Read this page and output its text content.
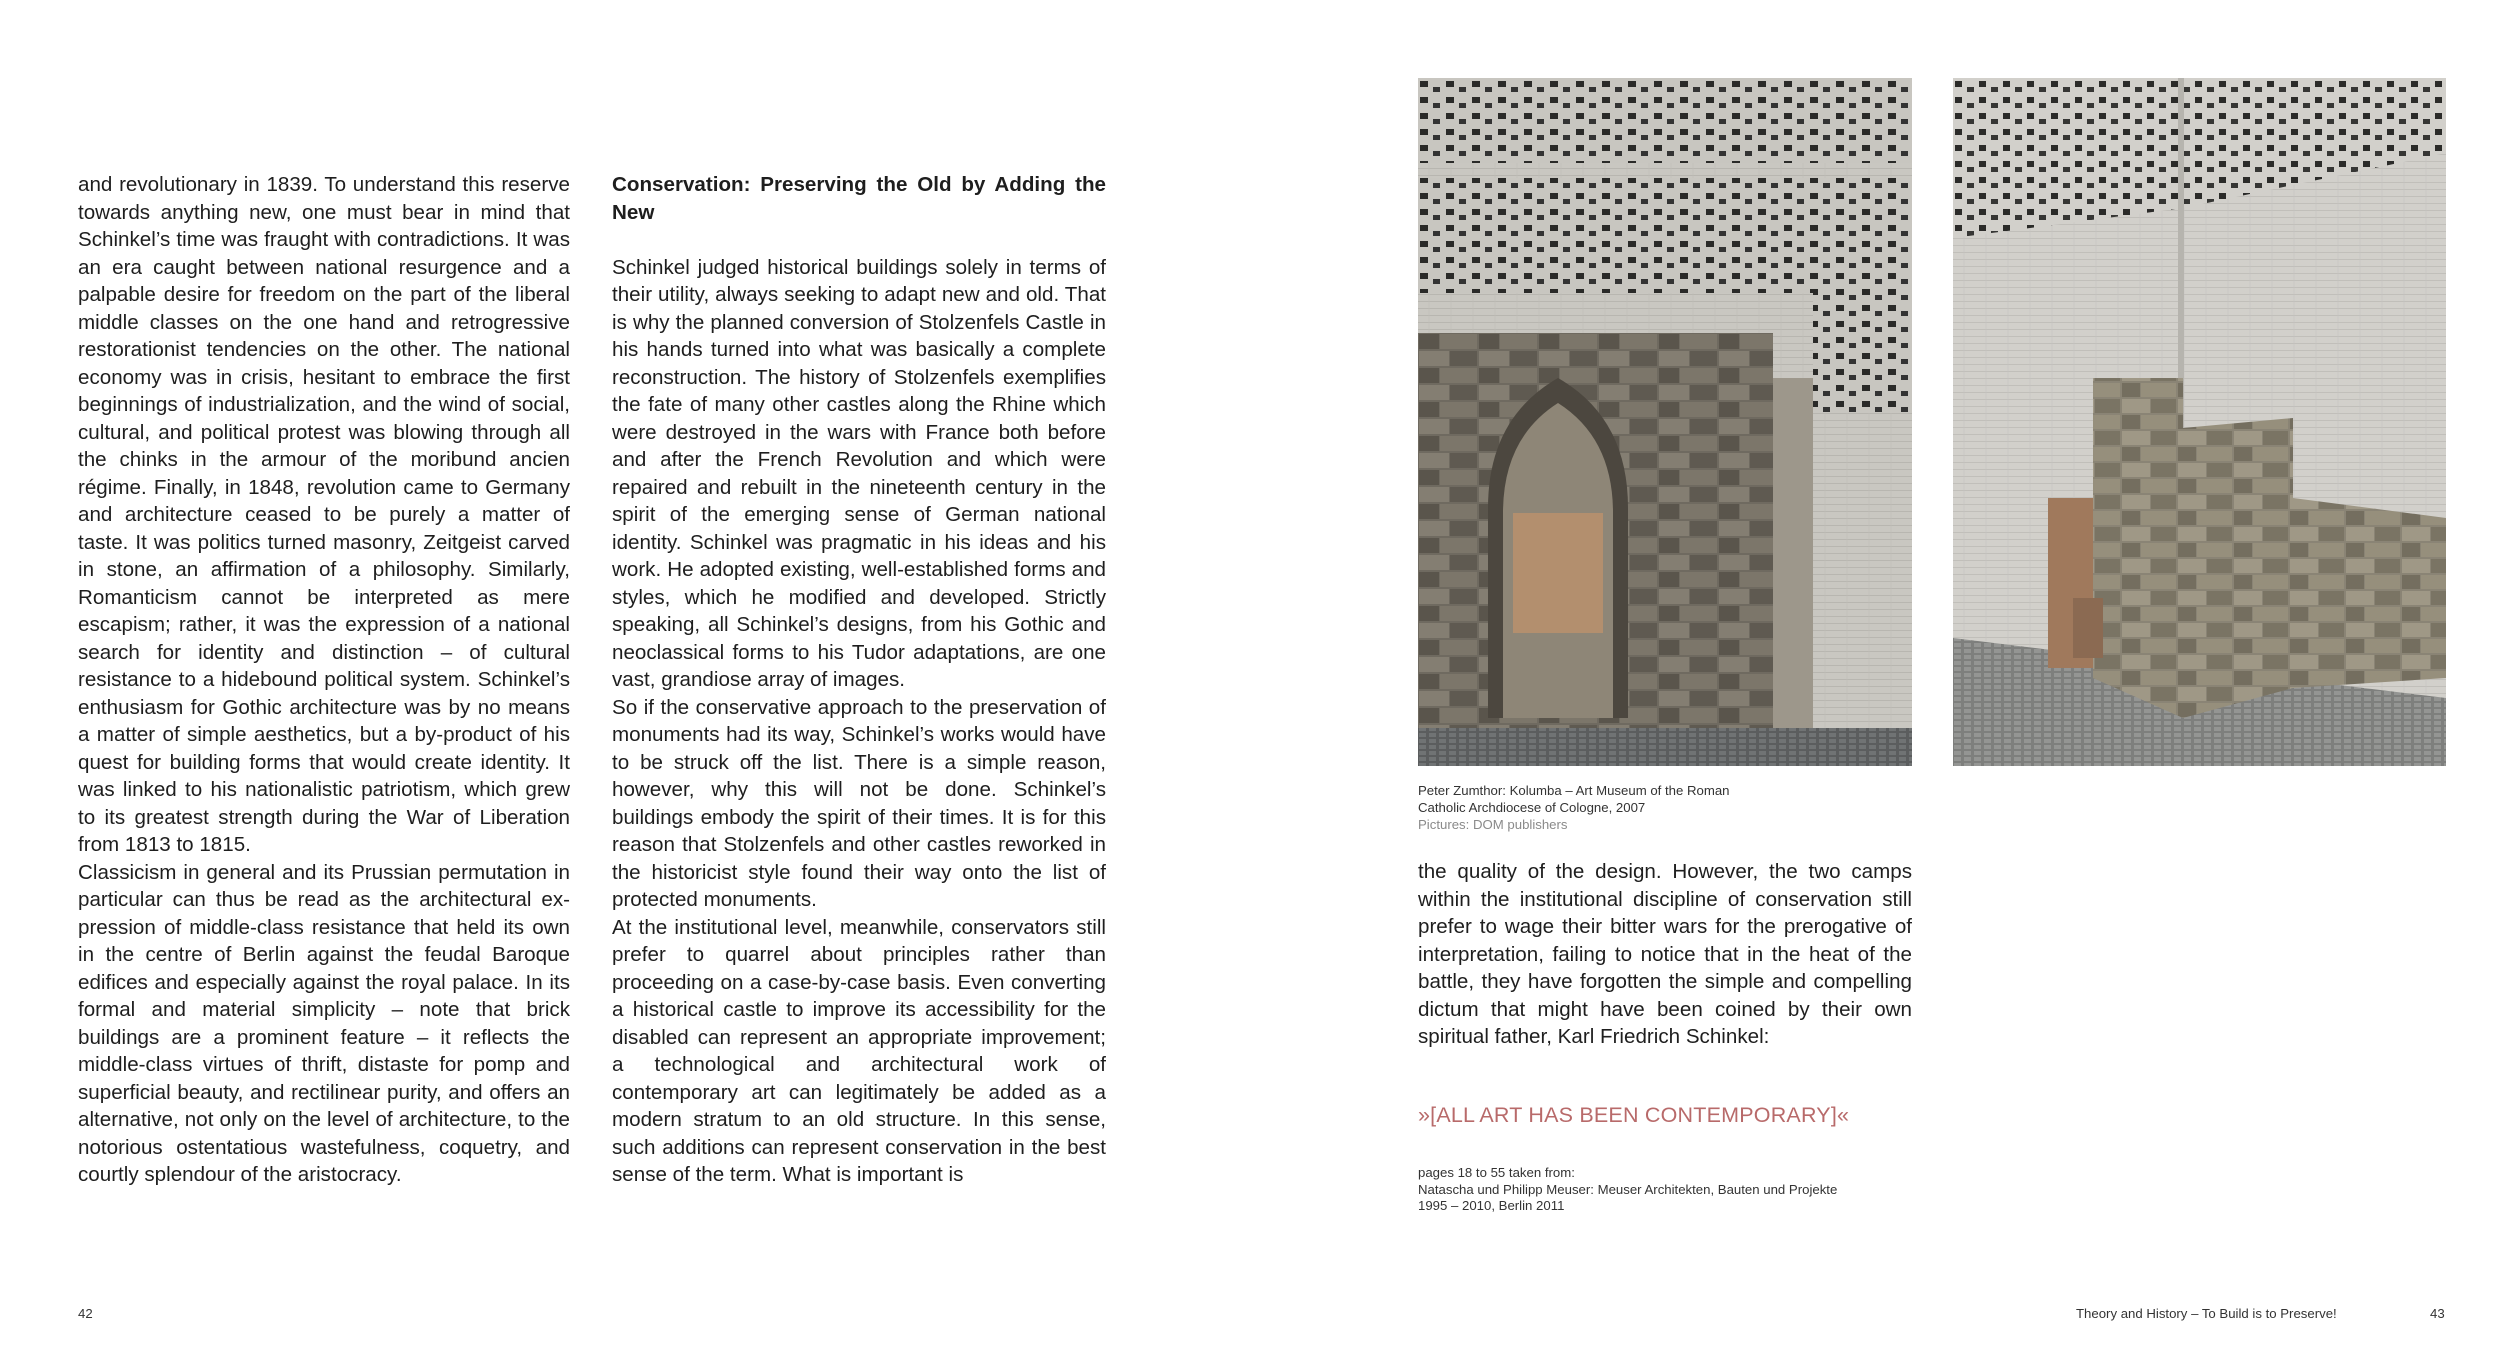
and revolutionary in 1839. To understand this reserve towards anything new, one must bear in mind that Schinkel’s time was fraught with contradictions. It was an era caught between national resurgence and a palpable desire for freedom on the part of the liberal middle classes on the one hand and retrogressive restorationist tendencies on the other. The national economy was in crisis, hesitant to embrace the first beginnings of industrialization, and the wind of social, cultural, and political protest was blowing through all the chinks in the armour of the moribund ancien régime. Finally, in 1848, revolution came to Germany and architecture ceased to be purely a matter of taste. It was politics turned masonry, Zeitgeist carved in stone, an affirmation of a philosophy. Similarly, Romanticism cannot be interpreted as mere escapism; rather, it was the expression of a national search for identity and distinction – of cultural resistance to a hidebound political system. Schinkel’s enthusiasm for Gothic architecture was by no means a matter of simple aesthetics, but a by-product of his quest for building forms that would create identity. It was linked to his nationalistic patriotism, which grew to its greatest strength during the War of Liberation from 1813 to 1815.

Classicism in general and its Prussian permutation in particular can thus be read as the architectural expression of middle-class resistance that held its own in the centre of Berlin against the feudal Baroque edifices and especially against the royal palace. In its formal and material simplicity – note that brick buildings are a prominent feature – it reflects the middle-class virtues of thrift, distaste for pomp and superficial beauty, and rectilinear purity, and offers an alternative, not only on the level of architecture, to the notorious ostentatious wastefulness, coquetry, and courtly splendour of the aristocracy.

Conservation: Preserving the Old by Adding the New

Schinkel judged historical buildings solely in terms of their utility, always seeking to adapt new and old. That is why the planned conversion of Stolzenfels Castle in his hands turned into what was basically a complete reconstruction. The history of Stolzenfels exemplifies the fate of many other castles along the Rhine which were destroyed in the wars with France both before and after the French Revolution and which were repaired and rebuilt in the nineteenth century in the spirit of the emerging sense of German national identity. Schinkel was pragmatic in his ideas and his work. He adopted existing, well-established forms and styles, which he modified and developed. Strictly speaking, all Schinkel’s designs, from his Gothic and neoclassical forms to his Tudor adaptations, are one vast, grandiose array of images.

So if the conservative approach to the preservation of monuments had its way, Schinkel’s works would have to be struck off the list. There is a simple reason, however, why this will not be done. Schinkel’s buildings embody the spirit of their times. It is for this reason that Stolzenfels and other castles reworked in the historicist style found their way onto the list of protected monuments.

At the institutional level, meanwhile, conservators still prefer to quarrel about principles rather than proceeding on a case-by-case basis. Even converting a historical castle to improve its accessibility for the disabled can represent an appropriate improvement; a technological and architectural work of contemporary art can legitimately be added as a modern stratum to an old structure. In this sense, such additions can represent conservation in the best sense of the term. What is important is

42
Peter Zumthor: Kolumba – Art Museum of the Roman
Catholic Archdiocese of Cologne, 2007
Pictures: DOM publishers

the quality of the design. However, the two camps within the institutional discipline of conservation still prefer to wage their bitter wars for the prerogative of interpretation, failing to notice that in the heat of the battle, they have forgotten the simple and compelling dictum that might have been coined by their own spiritual father, Karl Friedrich Schinkel:

»[ALL ART HAS BEEN CONTEMPORARY]«
pages 18 to 55 taken from:
Natascha und Philipp Meuser: Meuser Architekten, Bauten und Projekte
1995 – 2010, Berlin 2011
Theory and History – To Build is to Preserve!	43
